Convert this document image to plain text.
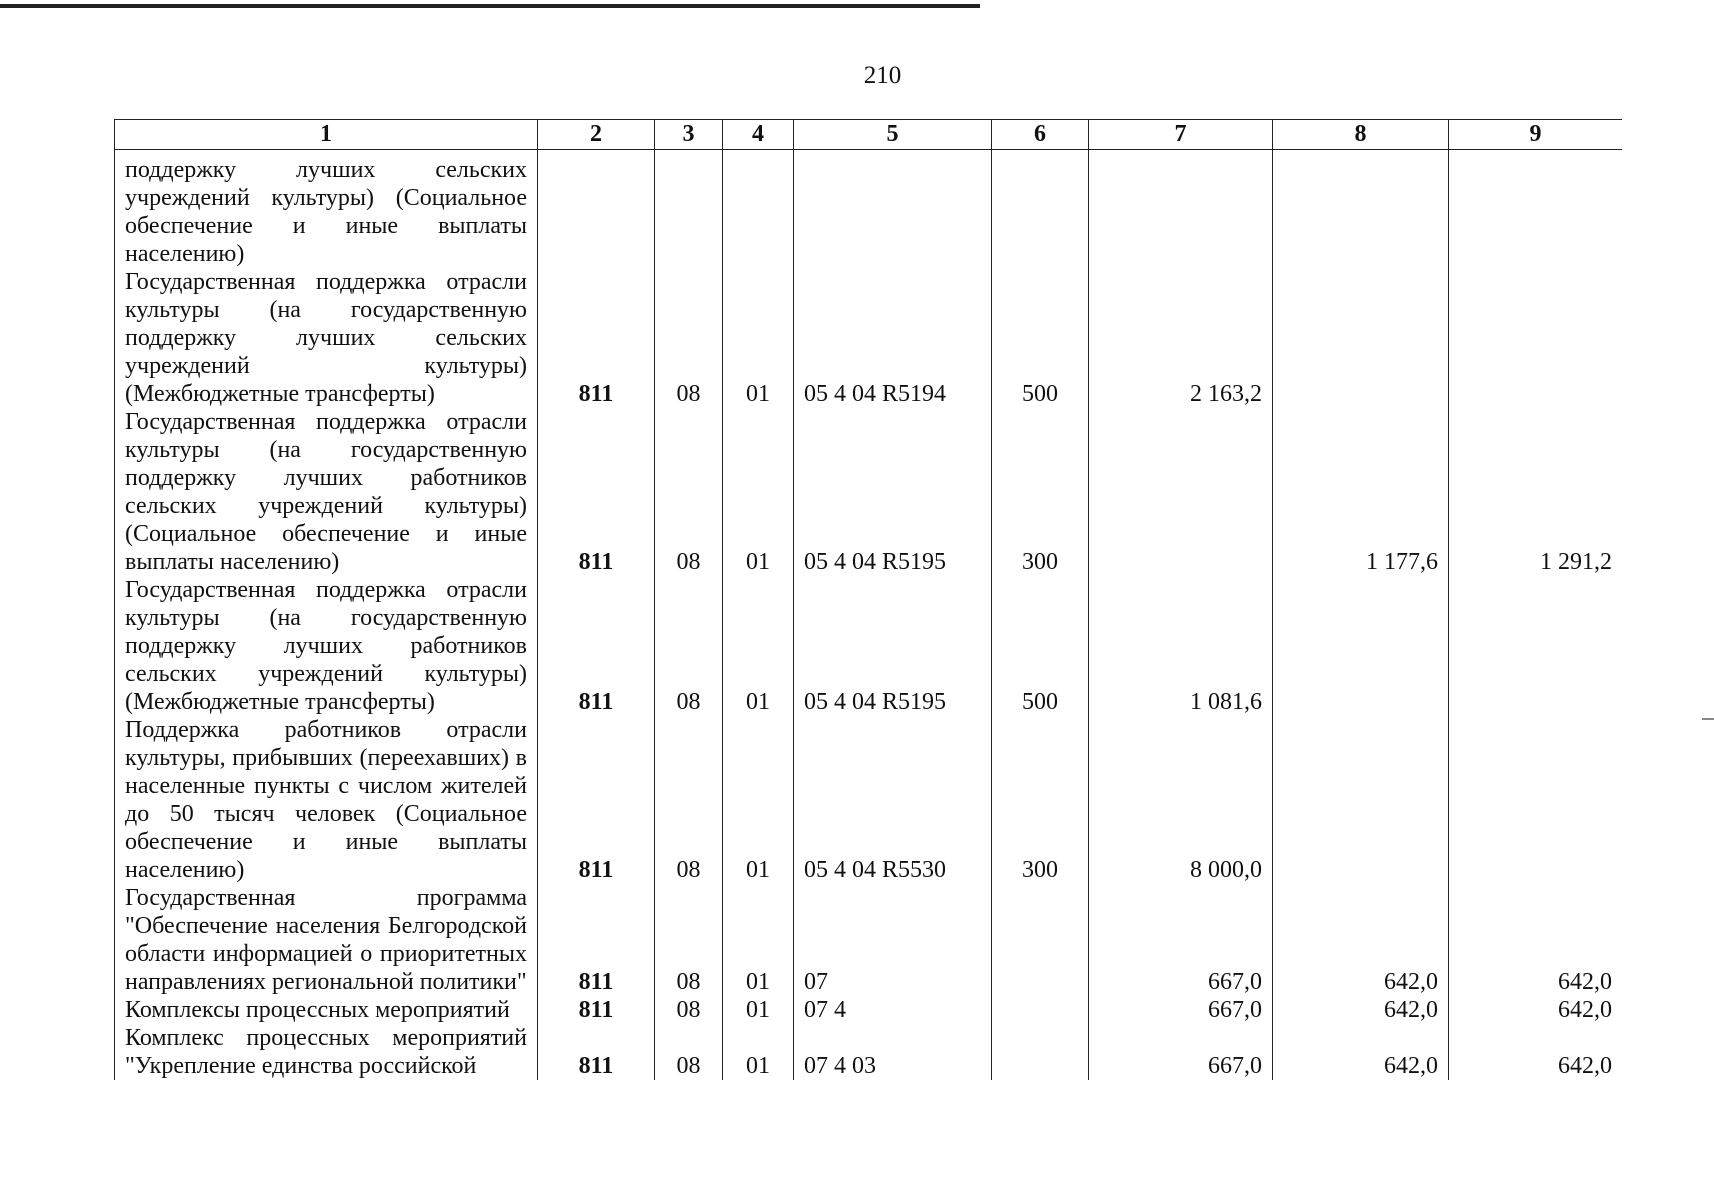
210
1	2	3	4	5	6	7	8	9
поддержку лучших сельских учреждений культуры) (Социальное обеспечение и иные выплаты населению)								
Государственная поддержка отрасли культуры (на государственную поддержку лучших сельских учреждений культуры) (Межбюджетные трансферты)	811	08	01	05 4 04 R5194	500	2 163,2		
Государственная поддержка отрасли культуры (на государственную поддержку лучших работников сельских учреждений культуры) (Социальное обеспечение и иные выплаты населению)	811	08	01	05 4 04 R5195	300		1 177,6	1 291,2
Государственная поддержка отрасли культуры (на государственную поддержку лучших работников сельских учреждений культуры) (Межбюджетные трансферты)	811	08	01	05 4 04 R5195	500	1 081,6		
Поддержка работников отрасли культуры, прибывших (переехавших) в населенные пункты с числом жителей до 50 тысяч человек (Социальное обеспечение и иные выплаты населению)	811	08	01	05 4 04 R5530	300	8 000,0		
Государственная программа "Обеспечение населения Белгородской области информацией о приоритетных направлениях региональной политики"	811	08	01	07		667,0	642,0	642,0
Комплексы процессных мероприятий	811	08	01	07 4		667,0	642,0	642,0
Комплекс процессных мероприятий "Укрепление единства российской	811	08	01	07 4 03		667,0	642,0	642,0
